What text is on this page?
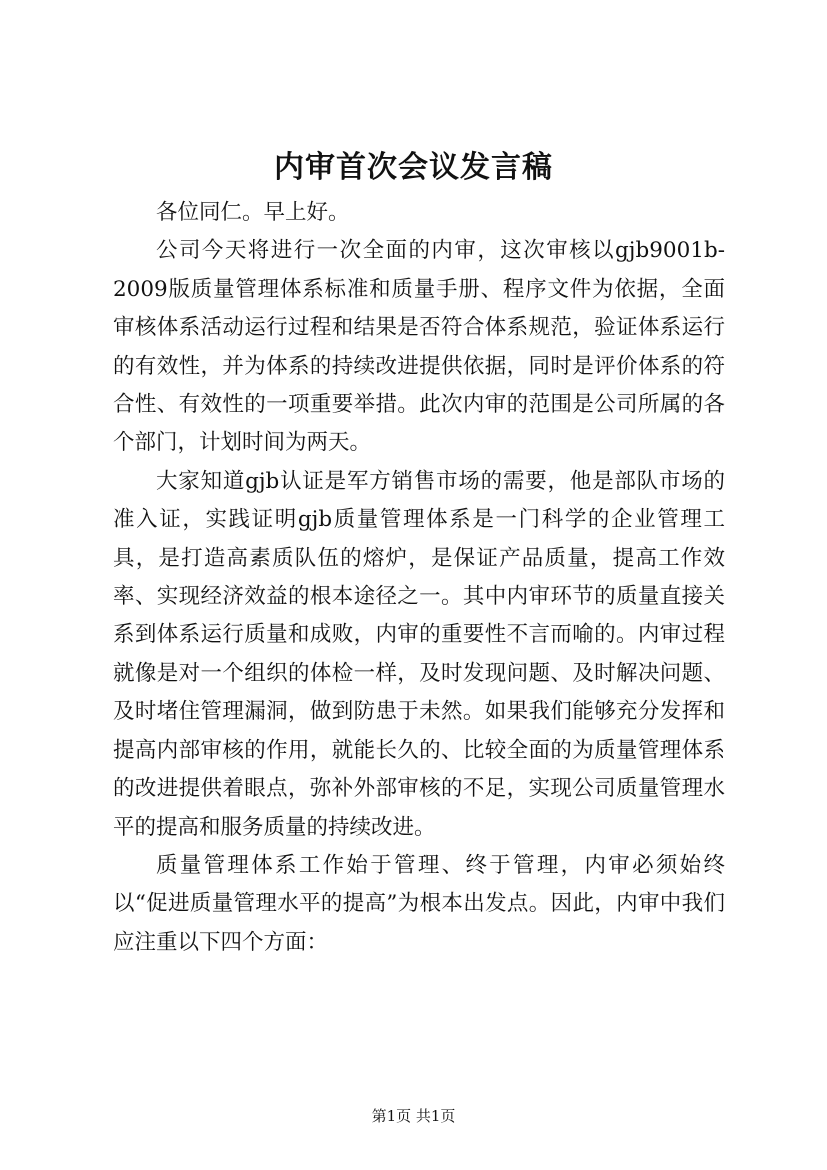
内审首次会议发言稿

各位同仁。早上好。

公司今天将进行一次全面的内审，这次审核以gjb9001b-2009版质量管理体系标准和质量手册、程序文件为依据，全面审核体系活动运行过程和结果是否符合体系规范，验证体系运行的有效性，并为体系的持续改进提供依据，同时是评价体系的符合性、有效性的一项重要举措。此次内审的范围是公司所属的各个部门，计划时间为两天。

大家知道gjb认证是军方销售市场的需要，他是部队市场的准入证，实践证明gjb质量管理体系是一门科学的企业管理工具，是打造高素质队伍的熔炉，是保证产品质量，提高工作效率、实现经济效益的根本途径之一。其中内审环节的质量直接关系到体系运行质量和成败，内审的重要性不言而喻的。内审过程就像是对一个组织的体检一样，及时发现问题、及时解决问题、及时堵住管理漏洞，做到防患于未然。如果我们能够充分发挥和提高内部审核的作用，就能长久的、比较全面的为质量管理体系的改进提供着眼点，弥补外部审核的不足，实现公司质量管理水平的提高和服务质量的持续改进。

质量管理体系工作始于管理、终于管理，内审必须始终以“促进质量管理水平的提高”为根本出发点。因此，内审中我们应注重以下四个方面：

第1页 共1页
